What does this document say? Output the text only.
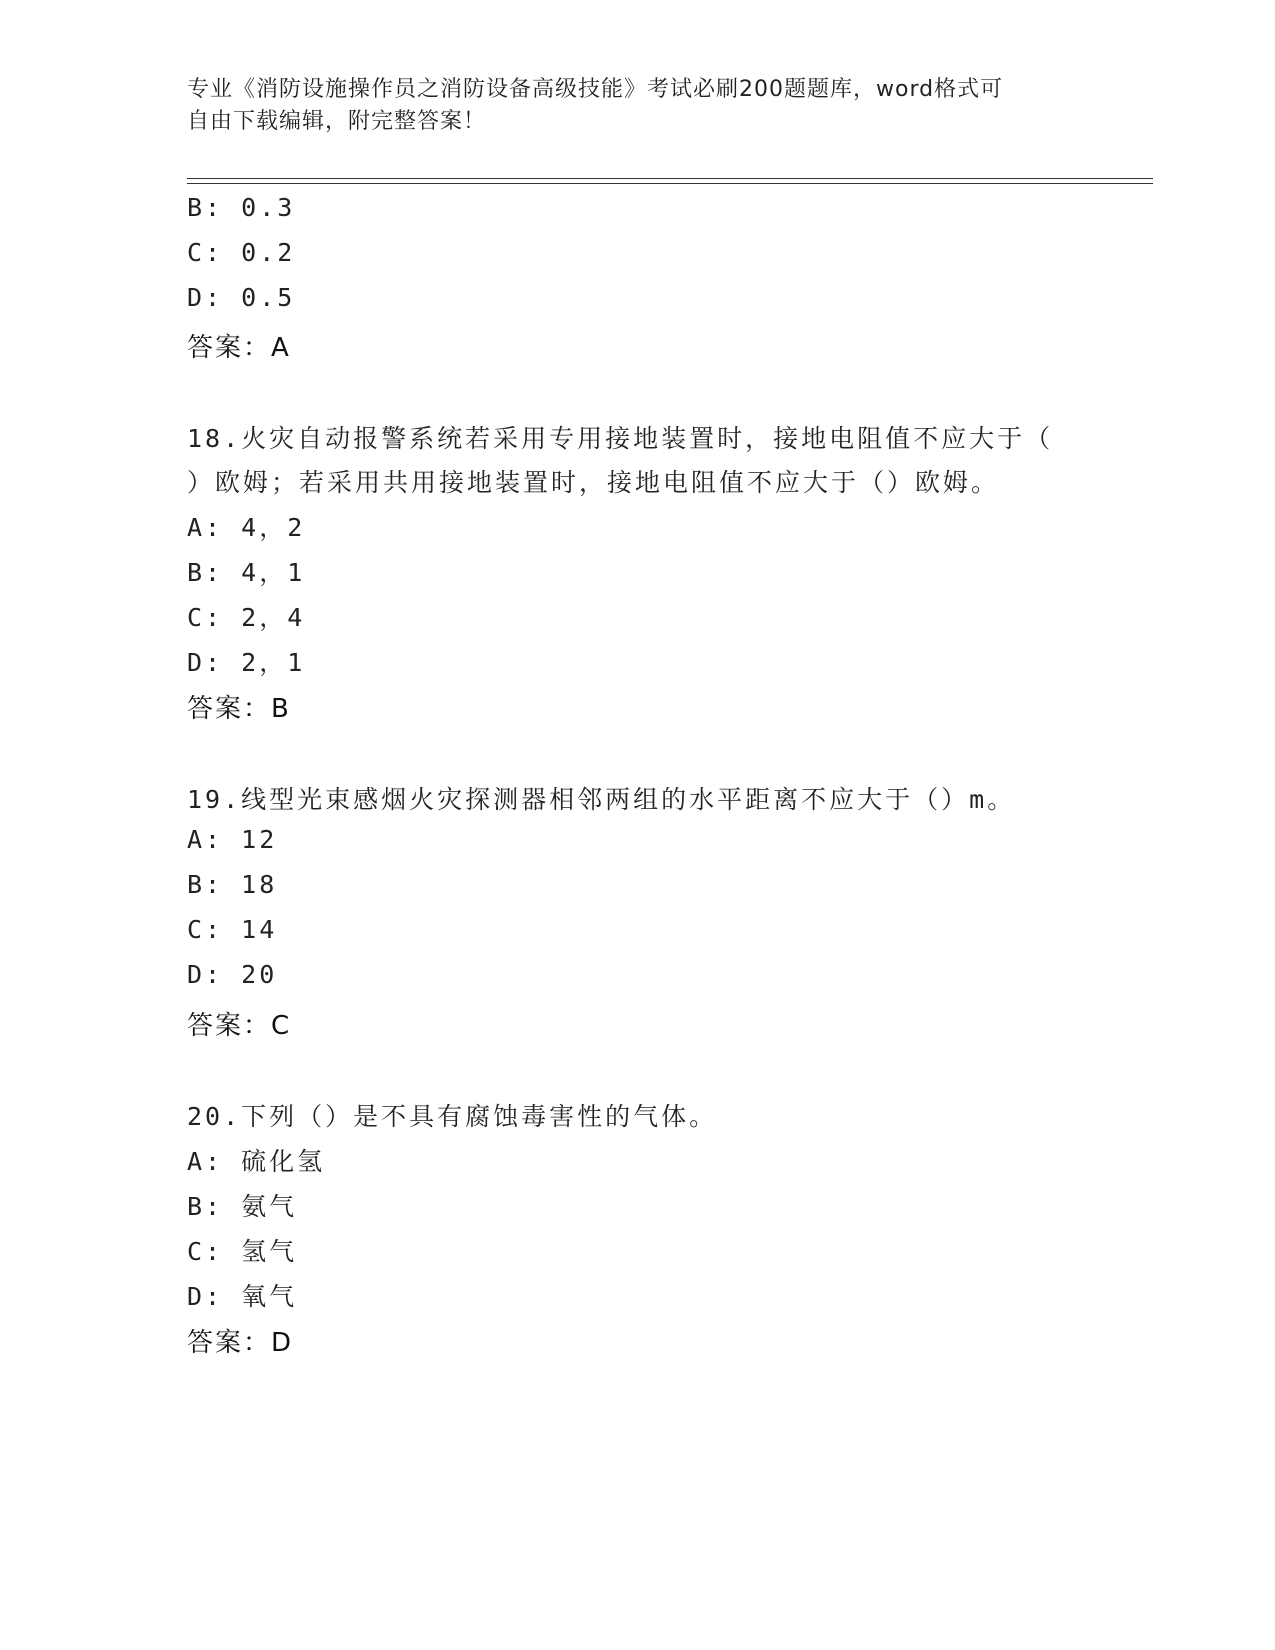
专业《消防设施操作员之消防设备高级技能》考试必刷200题题库，word格式可
自由下载编辑，附完整答案！
B: 0.3
C: 0.2
D: 0.5
答案：A
18.火灾自动报警系统若采用专用接地装置时，接地电阻值不应大于（
）欧姆；若采用共用接地装置时，接地电阻值不应大于（）欧姆。
A: 4，2
B: 4，1
C: 2，4
D: 2，1
答案：B
19.线型光束感烟火灾探测器相邻两组的水平距离不应大于（）m。
A: 12
B: 18
C: 14
D: 20
答案：C
20.下列（）是不具有腐蚀毒害性的气体。
A: 硫化氢
B: 氨气
C: 氢气
D: 氧气
答案：D
